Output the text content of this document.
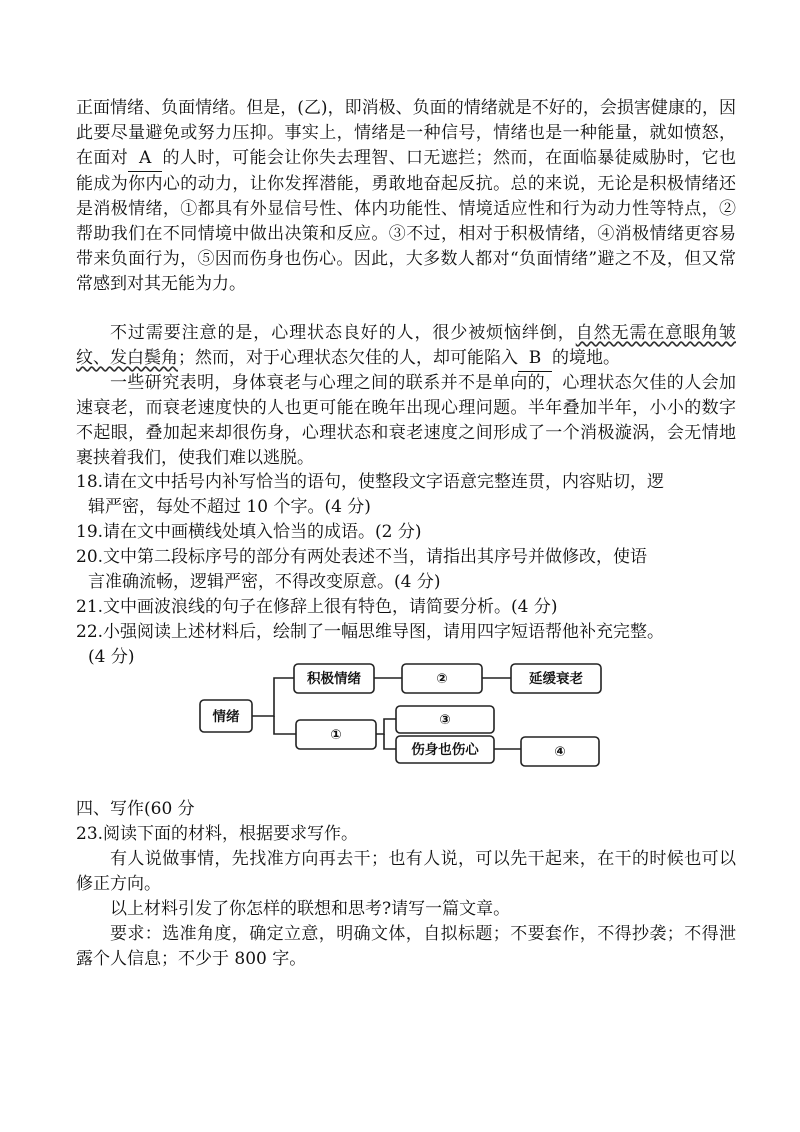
正面情绪、负面情绪。但是，(乙)，即消极、负面的情绪就是不好的，会损害健康的，因此要尽量避免或努力压抑。事实上，情绪是一种信号，情绪也是一种能量，就如愤怒，在面对 A 的人时，可能会让你失去理智、口无遮拦；然而，在面临暴徒威胁时，它也能成为你内心的动力，让你发挥潜能，勇敢地奋起反抗。总的来说，无论是积极情绪还是消极情绪，①都具有外显信号性、体内功能性、情境适应性和行为动力性等特点，②帮助我们在不同情境中做出决策和反应。③不过，相对于积极情绪，④消极情绪更容易带来负面行为，⑤因而伤身也伤心。因此，大多数人都对“负面情绪”避之不及，但又常常感到对其无能为力。

不过需要注意的是，心理状态良好的人，很少被烦恼绊倒，自然无需在意眼角皱纹、发白鬓角；然而，对于心理状态欠佳的人，却可能陷入 B 的境地。

一些研究表明，身体衰老与心理之间的联系并不是单向的，心理状态欠佳的人会加速衰老，而衰老速度快的人也更可能在晚年出现心理问题。半年叠加半年，小小的数字不起眼，叠加起来却很伤身，心理状态和衰老速度之间形成了一个消极漩涡，会无情地裹挟着我们，使我们难以逃脱。

18.请在文中括号内补写恰当的语句，使整段文字语意完整连贯，内容贴切，逻
辑严密，每处不超过 10 个字。(4 分)

19.请在文中画横线处填入恰当的成语。(2 分)

20.文中第二段标序号的部分有两处表述不当，请指出其序号并做修改，使语
言准确流畅，逻辑严密，不得改变原意。(4 分)

21.文中画波浪线的句子在修辞上很有特色，请简要分析。(4 分)

22.小强阅读上述材料后，绘制了一幅思维导图，请用四字短语帮他补充完整。
(4 分)

情绪
积极情绪	②	延缓衰老
①
③
伤身也伤心	④

四、写作(60 分

23.阅读下面的材料，根据要求写作。

有人说做事情，先找准方向再去干；也有人说，可以先干起来，在干的时候也可以修正方向。

以上材料引发了你怎样的联想和思考?请写一篇文章。

要求：选准角度，确定立意，明确文体，自拟标题；不要套作，不得抄袭；不得泄露个人信息；不少于 800 字。
